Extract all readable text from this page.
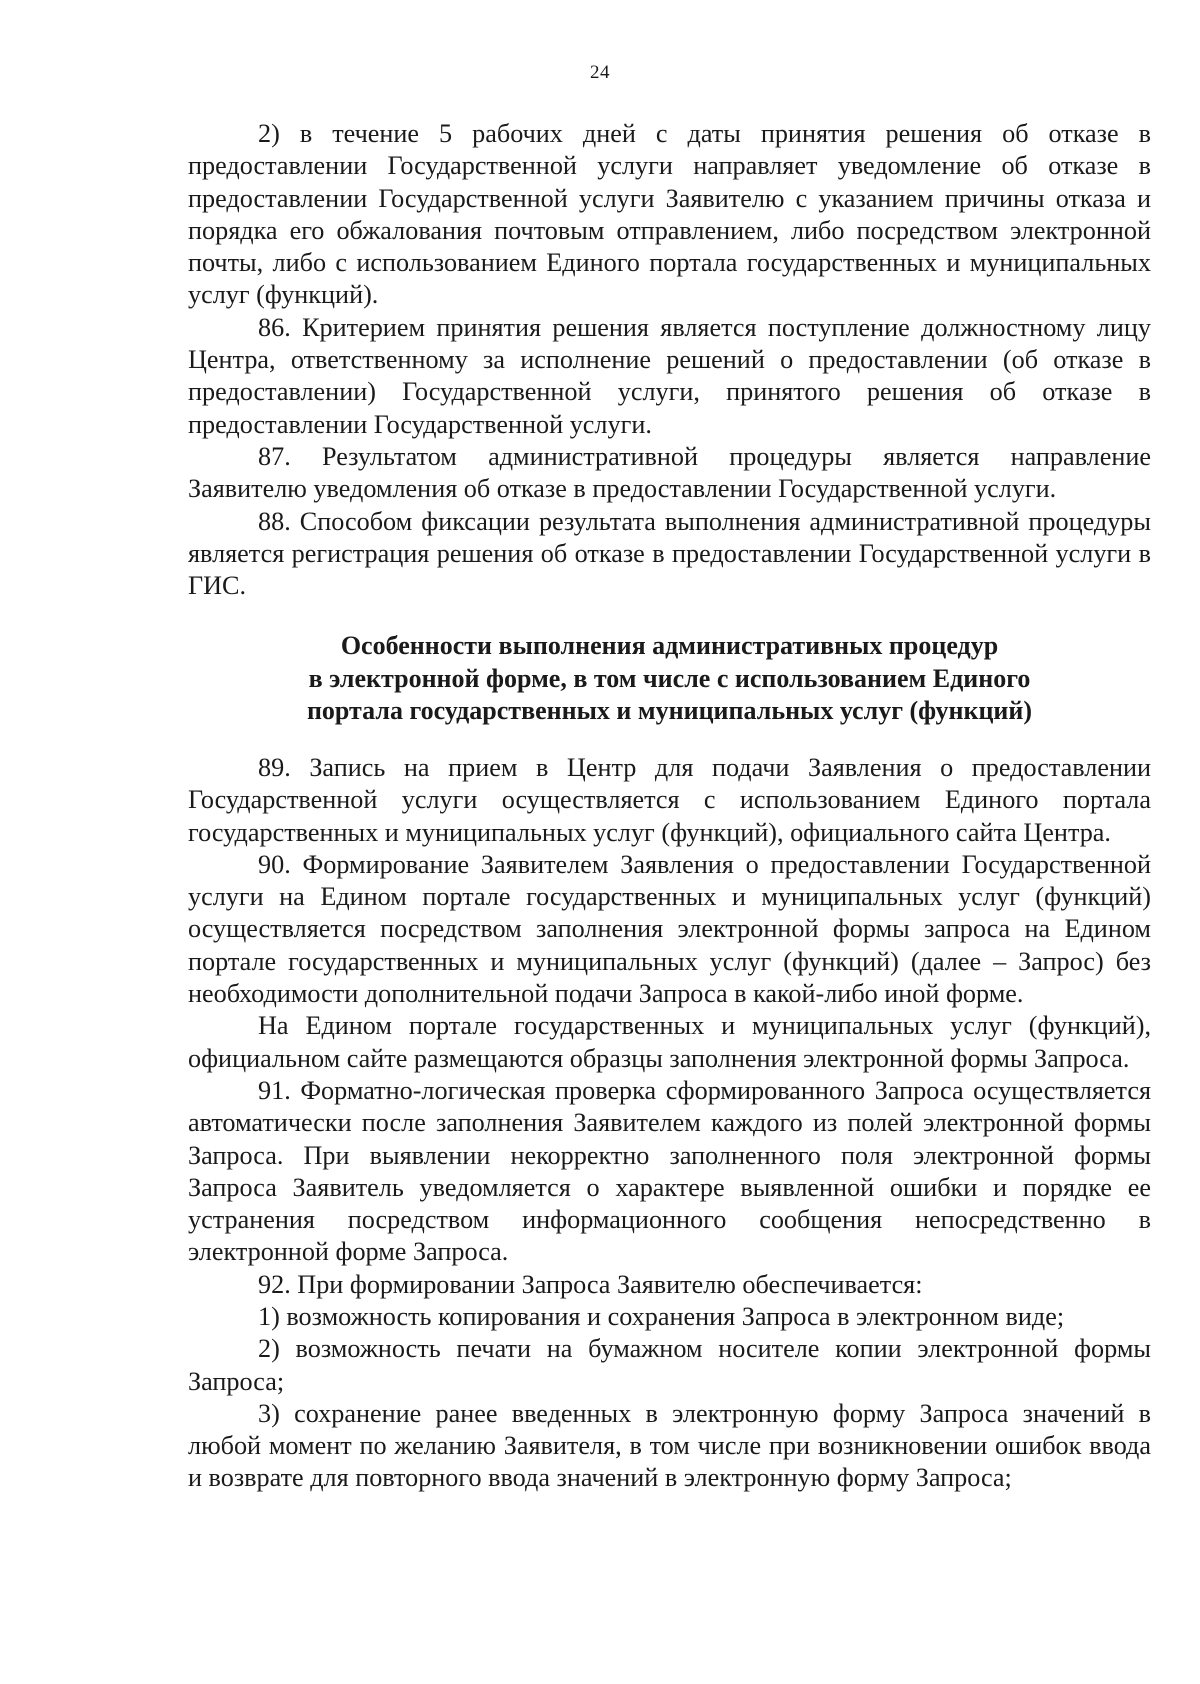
24

2) в течение 5 рабочих дней с даты принятия решения об отказе в предоставлении Государственной услуги направляет уведомление об отказе в предоставлении Государственной услуги Заявителю с указанием причины отказа и порядка его обжалования почтовым отправлением, либо посредством электронной почты, либо с использованием Единого портала государственных и муниципальных услуг (функций).

86. Критерием принятия решения является поступление должностному лицу Центра, ответственному за исполнение решений о предоставлении (об отказе в предоставлении) Государственной услуги, принятого решения об отказе в предоставлении Государственной услуги.

87. Результатом административной процедуры является направление Заявителю уведомления об отказе в предоставлении Государственной услуги.

88. Способом фиксации результата выполнения административной процедуры является регистрация решения об отказе в предоставлении Государственной услуги в ГИС.

Особенности выполнения административных процедур
в электронной форме, в том числе с использованием Единого
портала государственных и муниципальных услуг (функций)

89. Запись на прием в Центр для подачи Заявления о предоставлении Государственной услуги осуществляется с использованием Единого портала государственных и муниципальных услуг (функций), официального сайта Центра.

90. Формирование Заявителем Заявления о предоставлении Государственной услуги на Едином портале государственных и муниципальных услуг (функций) осуществляется посредством заполнения электронной формы запроса на Едином портале государственных и муниципальных услуг (функций) (далее – Запрос) без необходимости дополнительной подачи Запроса в какой-либо иной форме.

На Едином портале государственных и муниципальных услуг (функций), официальном сайте размещаются образцы заполнения электронной формы Запроса.

91. Форматно-логическая проверка сформированного Запроса осуществляется автоматически после заполнения Заявителем каждого из полей электронной формы Запроса. При выявлении некорректно заполненного поля электронной формы Запроса Заявитель уведомляется о характере выявленной ошибки и порядке ее устранения посредством информационного сообщения непосредственно в электронной форме Запроса.

92. При формировании Запроса Заявителю обеспечивается:

1) возможность копирования и сохранения Запроса в электронном виде;

2) возможность печати на бумажном носителе копии электронной формы Запроса;

3) сохранение ранее введенных в электронную форму Запроса значений в любой момент по желанию Заявителя, в том числе при возникновении ошибок ввода и возврате для повторного ввода значений в электронную форму Запроса;
